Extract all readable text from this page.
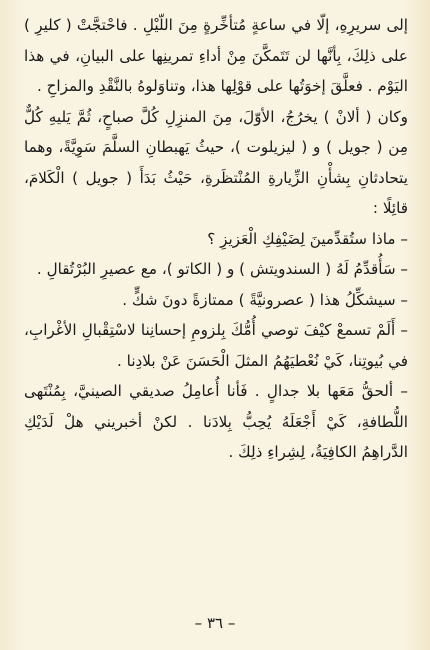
إلى سريرِهِ، إلّا في ساعةٍ مُتأخِّرةٍ مِنَ اللّيْلِ . فاحْتجَّتْ ( كليرِ ) على ذلِكَ، بِأنَّها لن تَتَمكَّنَ مِنْ أداءِ تمرينِها على البيانِ، في هذا اليَوْم . فعلَّقَ إخوَتُها على قوْلِها هذا، وتناوَلوهُ بالنَّقْدِ والمزاحِ .

وكان ( ألانْ ) يخرُجُ، الأوّلَ، مِنَ المنزِلِ كُلَّ صباحٍ، ثُمَّ يَليهِ كُلٌّ مِن ( جويل ) و ( ليزيلوت )، حيثُ يَهبطانِ السلَّمَ سَوِيَّةً، وهما يتحادثانِ بِشأْنِ الزِّيارةِ المُنْتظَرةِ، حَيْثُ بَدَأَ ( جويل ) الْكَلامَ، قائِلًا :

– ماذا ستُقدِّمينَ لِضَيْفِكِ الْعَزيزِ ؟

– سَأُقدِّمُ لَهُ ( السندويتش ) و ( الكاتو )، مع عصيرِ البُرْتُقالِ .

– سيشكِّلُ هذا ( عصرونيَّةً ) ممتازةً دونَ شكٍّ .

– أَلَمْ تسمعْ كيْفَ توصي أُمُّكَ بِلزومِ إحسانِنا لاسْتِقْبالِ الأغْرابِ، في بُيوتِنا، كَيْ نُعْطيَهُمُ المثلَ الْحَسَنَ عَنْ بلادِنا .

– ألحقُّ مَعَها بلا جدالٍ . فَأنا أُعامِلُ صديقي الصينيَّ، بِمُنْتَهى اللُّطافةِ، كَيْ أَجْعَلَهُ يُحِبُّ بِلادَنا . لكنْ أخبريني هلْ لَدَيْكِ الدَّراهِمُ الكافِيَةُ، لِشِراءِ ذلِكَ .

– ٣٦ –
